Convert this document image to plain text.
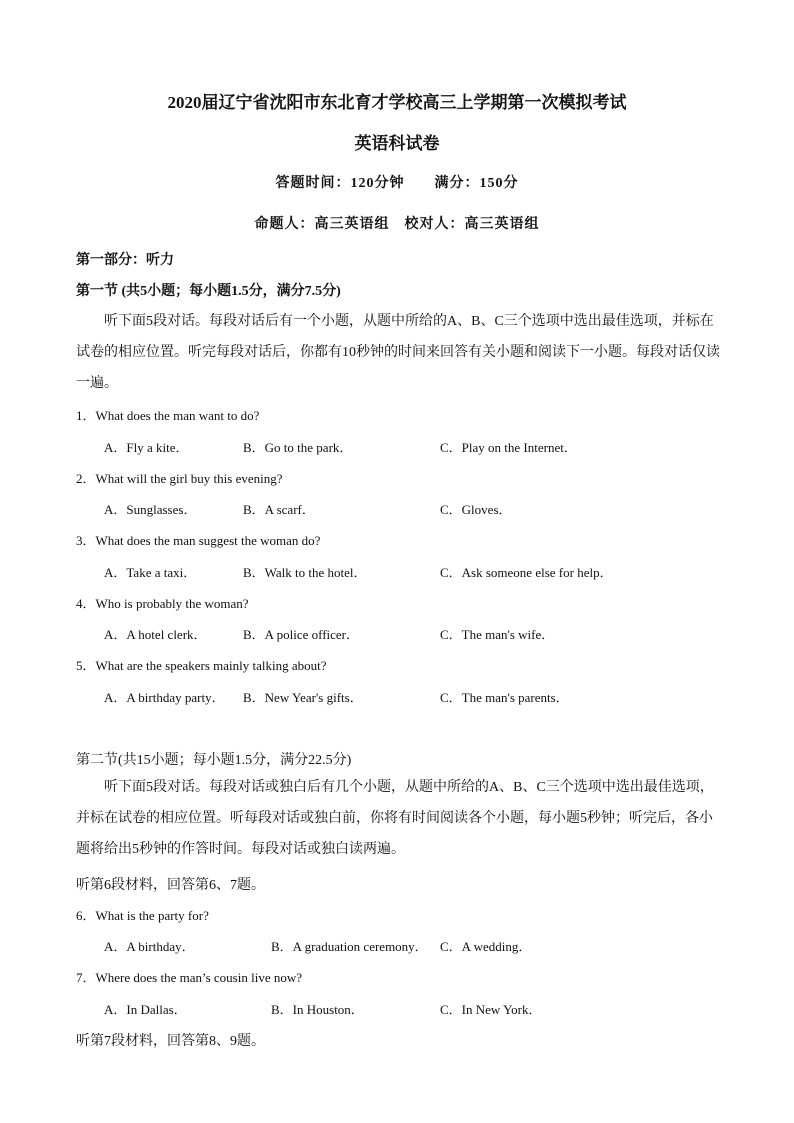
2020届辽宁省沈阳市东北育才学校高三上学期第一次模拟考试
英语科试卷
答题时间：120分钟　　满分：150分
命题人：高三英语组　校对人：高三英语组
第一部分：听力
第一节 (共5小题；每小题1.5分，满分7.5分)
听下面5段对话。每段对话后有一个小题，从题中所给的A、B、C三个选项中选出最佳选项，并标在试卷的相应位置。听完每段对话后，你都有10秒钟的时间来回答有关小题和阅读下一小题。每段对话仅读一遍。
1．What does the man want to do?
A．Fly a kite．	B．Go to the park．	C．Play on the Internet．
2．What will the girl buy this evening?
A．Sunglasses．	B．A scarf．	C．Gloves．
3．What does the man suggest the woman do?
A．Take a taxi．	B．Walk to the hotel．	C．Ask someone else for help．
4．Who is probably the woman?
A．A hotel clerk．	B．A police officer．	C．The man's wife．
5．What are the speakers mainly talking about?
A．A birthday party． B．New Year's gifts．	C．The man's parents．
第二节(共15小题；每小题1.5分，满分22.5分)
听下面5段对话。每段对话或独白后有几个小题，从题中所给的A、B、C三个选项中选出最佳选项，并标在试卷的相应位置。听每段对话或独白前，你将有时间阅读各个小题，每小题5秒钟；听完后，各小题将给出5秒钟的作答时间。每段对话或独白读两遍。
听第6段材料，回答第6、7题。
6．What is the party for?
A．A birthday．	B．A graduation ceremony． C．A wedding．
7．Where does the man’s cousin live now?
A．In Dallas．	B．In Houston．	C．In New York．
听第7段材料，回答第8、9题。
